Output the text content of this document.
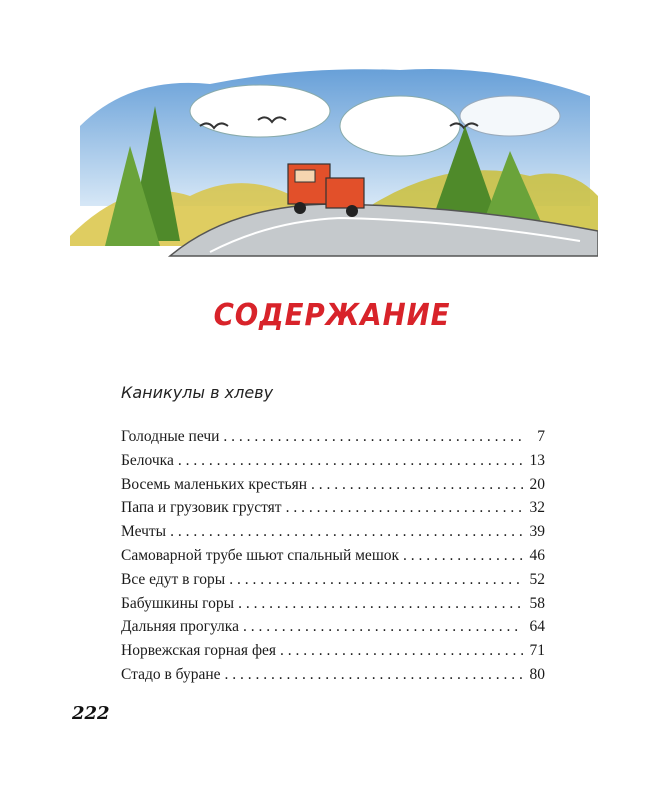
СОДЕРЖАНИЕ
Каникулы в хлеву
Голодные печи . . .	7
Белочка . . .	13
Восемь маленьких крестьян . . .	20
Папа и грузовик грустят . . .	32
Мечты . . .	39
Самоварной трубе шьют спальный мешок . . .	46
Все едут в горы . . .	52
Бабушкины горы . . .	58
Дальняя прогулка . . .	64
Норвежская горная фея . . .	71
Стадо в буране . . .	80
222
